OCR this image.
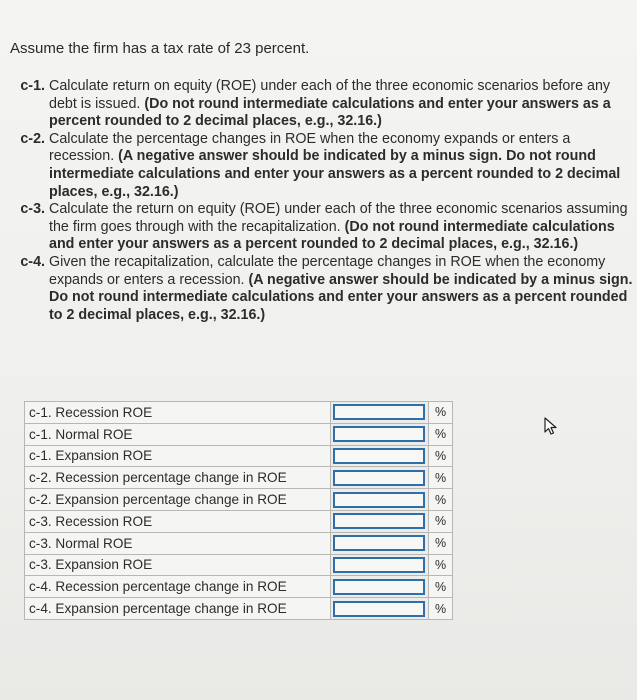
Assume the firm has a tax rate of 23 percent.
c-1. Calculate return on equity (ROE) under each of the three economic scenarios before any debt is issued. (Do not round intermediate calculations and enter your answers as a percent rounded to 2 decimal places, e.g., 32.16.)
c-2. Calculate the percentage changes in ROE when the economy expands or enters a recession. (A negative answer should be indicated by a minus sign. Do not round intermediate calculations and enter your answers as a percent rounded to 2 decimal places, e.g., 32.16.)
c-3. Calculate the return on equity (ROE) under each of the three economic scenarios assuming the firm goes through with the recapitalization. (Do not round intermediate calculations and enter your answers as a percent rounded to 2 decimal places, e.g., 32.16.)
c-4. Given the recapitalization, calculate the percentage changes in ROE when the economy expands or enters a recession. (A negative answer should be indicated by a minus sign. Do not round intermediate calculations and enter your answers as a percent rounded to 2 decimal places, e.g., 32.16.)
c-1. Recession ROE		%
c-1. Normal ROE		%
c-1. Expansion ROE		%
c-2. Recession percentage change in ROE		%
c-2. Expansion percentage change in ROE		%
c-3. Recession ROE		%
c-3. Normal ROE		%
c-3. Expansion ROE		%
c-4. Recession percentage change in ROE		%
c-4. Expansion percentage change in ROE		%
